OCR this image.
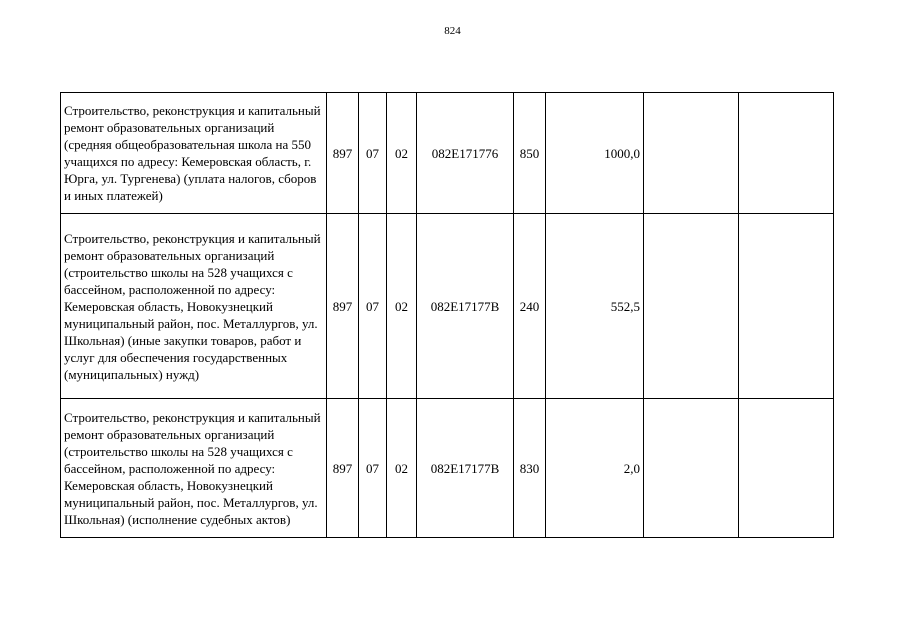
824
Строительство, реконструкция и капитальный ремонт образовательных организаций (средняя общеобразовательная школа на 550 учащихся по адресу: Кемеровская область, г. Юрга, ул. Тургенева) (уплата налогов, сборов и иных платежей)	897	07	02	082Е171776	850	1000,0		
Строительство, реконструкция и капитальный ремонт образовательных организаций (строительство школы на 528 учащихся с бассейном, расположенной по адресу: Кемеровская область, Новокузнецкий муниципальный район, пос. Металлургов, ул. Школьная) (иные закупки товаров, работ и услуг для обеспечения государственных (муниципальных) нужд)	897	07	02	082Е17177В	240	552,5		
Строительство, реконструкция и капитальный ремонт образовательных организаций (строительство школы на 528 учащихся с бассейном, расположенной по адресу: Кемеровская область, Новокузнецкий муниципальный район, пос. Металлургов, ул. Школьная) (исполнение судебных актов)	897	07	02	082Е17177В	830	2,0		
